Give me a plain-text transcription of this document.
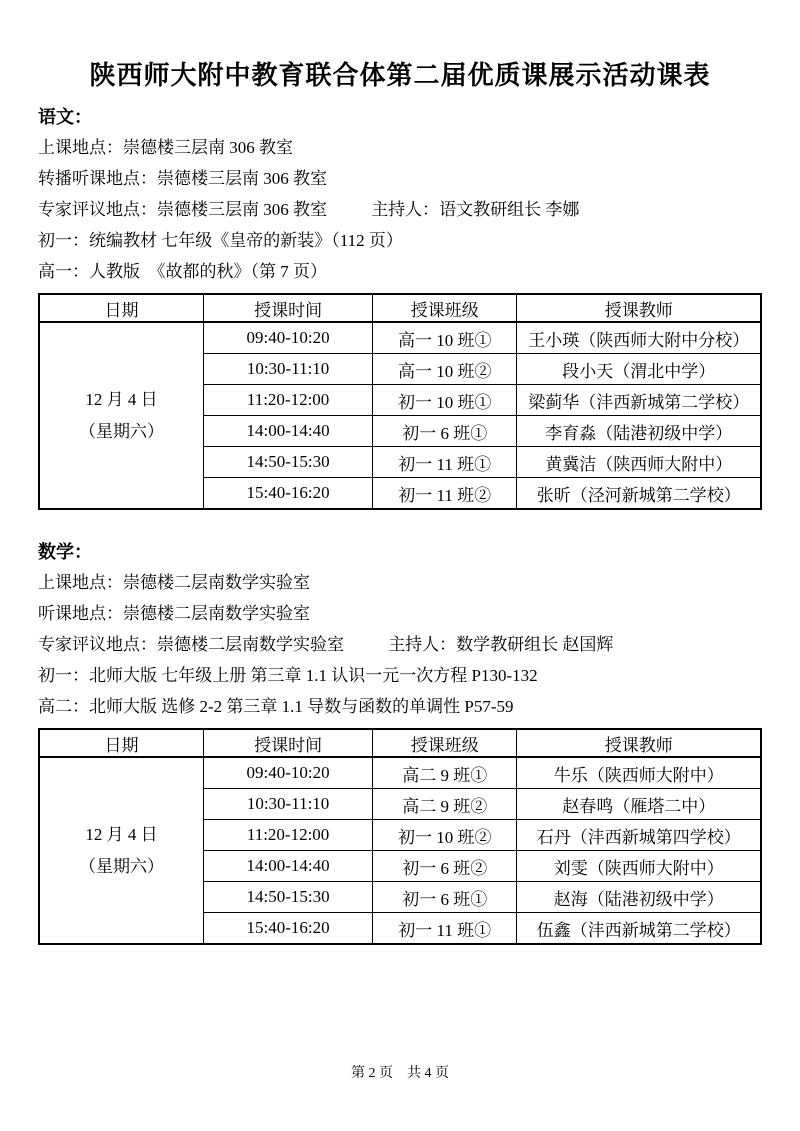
陕西师大附中教育联合体第二届优质课展示活动课表
语文：
上课地点：崇德楼三层南 306 教室
转播听课地点：崇德楼三层南 306 教室
专家评议地点：崇德楼三层南 306 教室	主持人：语文教研组长 李娜
初一：统编教材 七年级《皇帝的新装》（112 页）
高一：人教版　《故都的秋》（第 7 页）
日期	授课时间	授课班级	授课教师

12 月 4 日
（星期六）	09:40-10:20	高一 10 班①	王小瑛（陕西师大附中分校）
	10:30-11:10	高一 10 班②	段小天（渭北中学）
	11:20-12:00	初一 10 班①	梁蓟华（沣西新城第二学校）
	14:00-14:40	初一 6 班①	李育淼（陆港初级中学）
	14:50-15:30	初一 11 班①	黄冀洁（陕西师大附中）
	15:40-16:20	初一 11 班②	张昕（泾河新城第二学校）
数学：
上课地点：崇德楼二层南数学实验室
听课地点：崇德楼二层南数学实验室
专家评议地点：崇德楼二层南数学实验室	主持人：数学教研组长 赵国辉
初一：北师大版 七年级上册 第三章 1.1 认识一元一次方程 P130-132
高二：北师大版 选修 2-2 第三章 1.1 导数与函数的单调性 P57-59
日期	授课时间	授课班级	授课教师

12 月 4 日
（星期六）	09:40-10:20	高二 9 班①	牛乐（陕西师大附中）
	10:30-11:10	高二 9 班②	赵春鸣（雁塔二中）
	11:20-12:00	初一 10 班②	石丹（沣西新城第四学校）
	14:00-14:40	初一 6 班②	刘雯（陕西师大附中）
	14:50-15:30	初一 6 班①	赵海（陆港初级中学）
	15:40-16:20	初一 11 班①	伍鑫（沣西新城第二学校）
第 2 页　共 4 页
